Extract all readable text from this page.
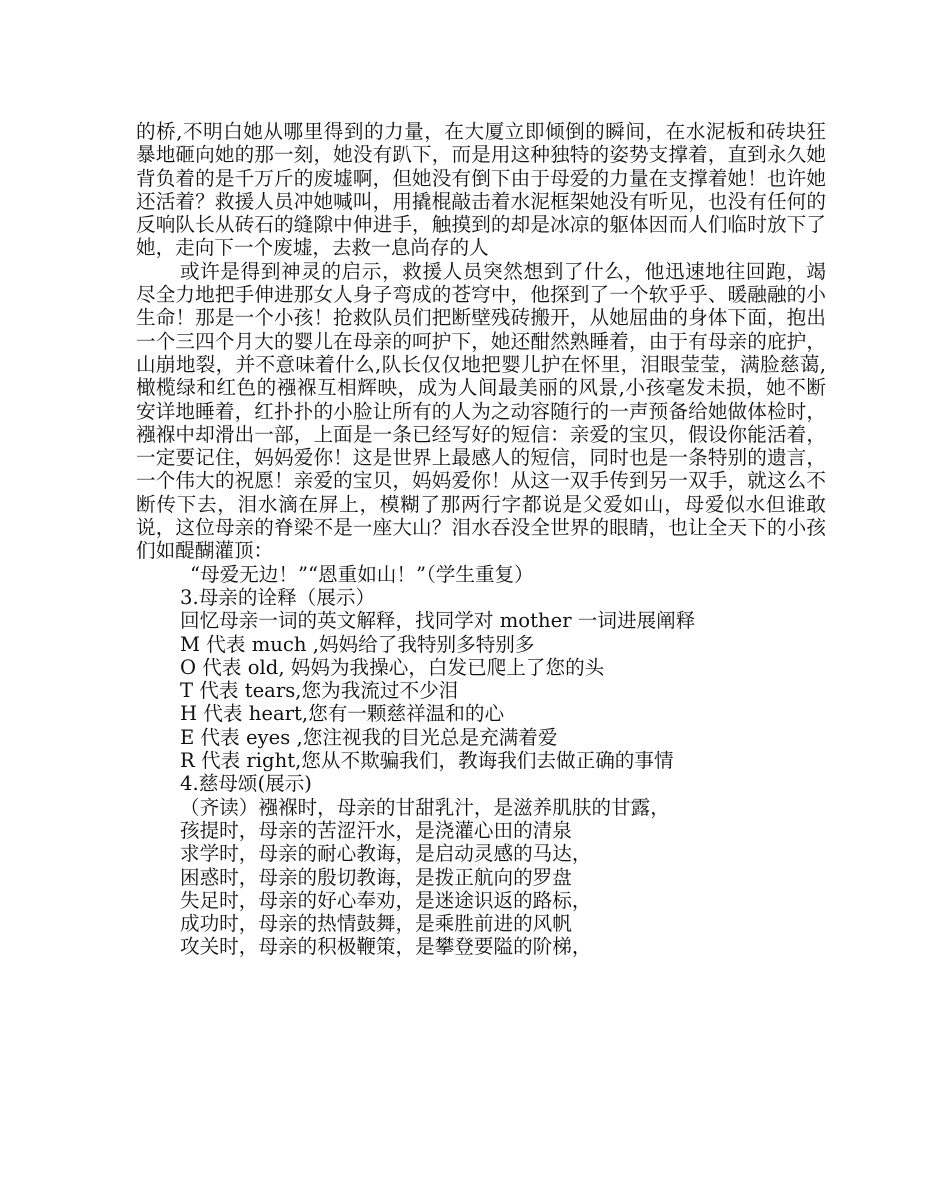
的桥,不明白她从哪里得到的力量，在大厦立即倾倒的瞬间，在水泥板和砖块狂暴地砸向她的那一刻，她没有趴下，而是用这种独特的姿势支撑着，直到永久她背负着的是千万斤的废墟啊，但她没有倒下由于母爱的力量在支撑着她！也许她还活着？救援人员冲她喊叫，用撬棍敲击着水泥框架她没有听见，也没有任何的反响队长从砖石的缝隙中伸进手，触摸到的却是冰凉的躯体因而人们临时放下了她，走向下一个废墟，去救一息尚存的人

或许是得到神灵的启示，救援人员突然想到了什么，他迅速地往回跑，竭尽全力地把手伸进那女人身子弯成的苍穹中，他探到了一个软乎乎、暖融融的小生命！那是一个小孩！抢救队员们把断壁残砖搬开，从她屈曲的身体下面，抱出一个三四个月大的婴儿在母亲的呵护下，她还酣然熟睡着，由于有母亲的庇护，山崩地裂，并不意味着什么,队长仅仅地把婴儿护在怀里，泪眼莹莹，满脸慈蔼,橄榄绿和红色的襁褓互相辉映，成为人间最美丽的风景,小孩毫发未损，她不断安详地睡着，红扑扑的小脸让所有的人为之动容随行的一声预备给她做体检时，襁褓中却滑出一部，上面是一条已经写好的短信：亲爱的宝贝，假设你能活着，一定要记住，妈妈爱你！这是世界上最感人的短信，同时也是一条特别的遗言，一个伟大的祝愿！亲爱的宝贝，妈妈爱你！从这一双手传到另一双手，就这么不断传下去，泪水滴在屏上，模糊了那两行字都说是父爱如山，母爱似水但谁敢说，这位母亲的脊梁不是一座大山？泪水吞没全世界的眼睛，也让全天下的小孩们如醍醐灌顶：

“母爱无边！”“恩重如山！”（学生重复）

3.母亲的诠释（展示）

回忆母亲一词的英文解释，找同学对 mother 一词进展阐释

M 代表 much ,妈妈给了我特别多特别多

O 代表 old, 妈妈为我操心，白发已爬上了您的头

T 代表 tears,您为我流过不少泪

H 代表 heart,您有一颗慈祥温和的心

E 代表 eyes ,您注视我的目光总是充满着爱

R 代表 right,您从不欺骗我们，教诲我们去做正确的事情

4.慈母颂(展示)

（齐读）襁褓时，母亲的甘甜乳汁，是滋养肌肤的甘露，

孩提时，母亲的苦涩汗水，是浇灌心田的清泉

求学时，母亲的耐心教诲，是启动灵感的马达，

困惑时，母亲的殷切教诲，是拨正航向的罗盘

失足时，母亲的好心奉劝，是迷途识返的路标，

成功时，母亲的热情鼓舞，是乘胜前进的风帆

攻关时，母亲的积极鞭策，是攀登要隘的阶梯，
